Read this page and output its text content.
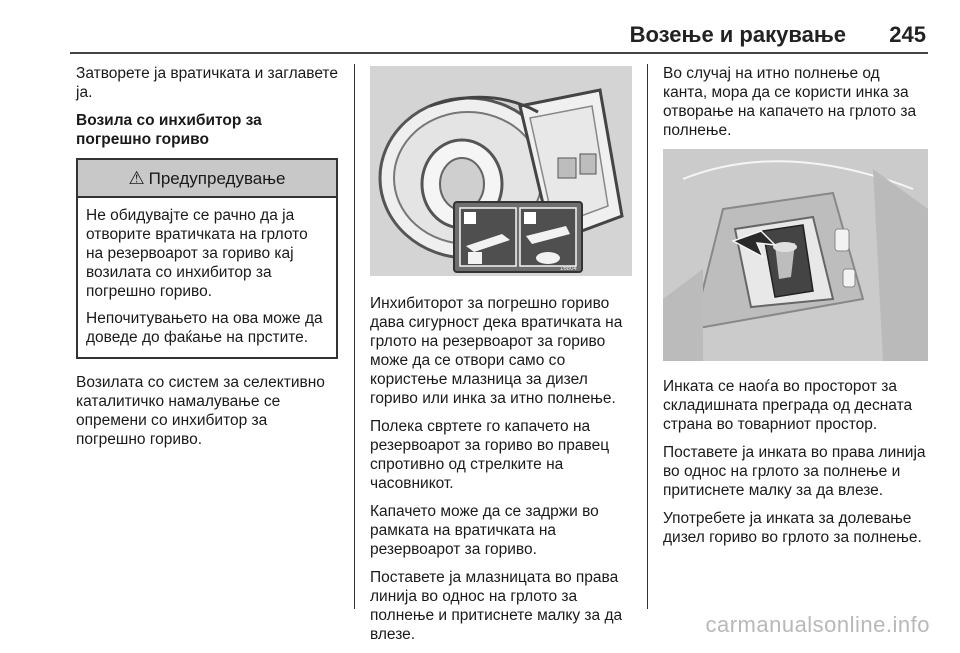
Возење и ракување 245

Затворете ја вратичката и заглавете ја.

Возила со инхибитор за погрешно гориво

⚠ Предупредување

Не обидувајте се рачно да ја отворите вратичката на грлото на резервоарот за гориво кај возилата со инхибитор за погрешно гориво.

Непочитувањето на ова може да доведе до фаќање на прстите.

Возилата со систем за селективно каталитичко намалување се опремени со инхибитор за погрешно гориво.

16804

Инхибиторот за погрешно гориво дава сигурност дека вратичката на грлото на резервоарот за гориво може да се отвори само со користење млазница за дизел гориво или инка за итно полнење.

Полека свртете го капачето на резервоарот за гориво во правец спротивно од стрелките на часовникот.

Капачето може да се задржи во рамката на вратичката на резервоарот за гориво.

Поставете ја млазницата во права линија во однос на грлото за полнење и притиснете малку за да влезе.

Во случај на итно полнење од канта, мора да се користи инка за отворање на капачето на грлото за полнење.

Инката се наоѓа во просторот за складишната преграда од десната страна во товарниот простор.

Поставете ја инката во права линија во однос на грлото за полнење и притиснете малку за да влезе.

Употребете ја инката за долевање дизел гориво во грлото за полнење.

carmanualsonline.info
